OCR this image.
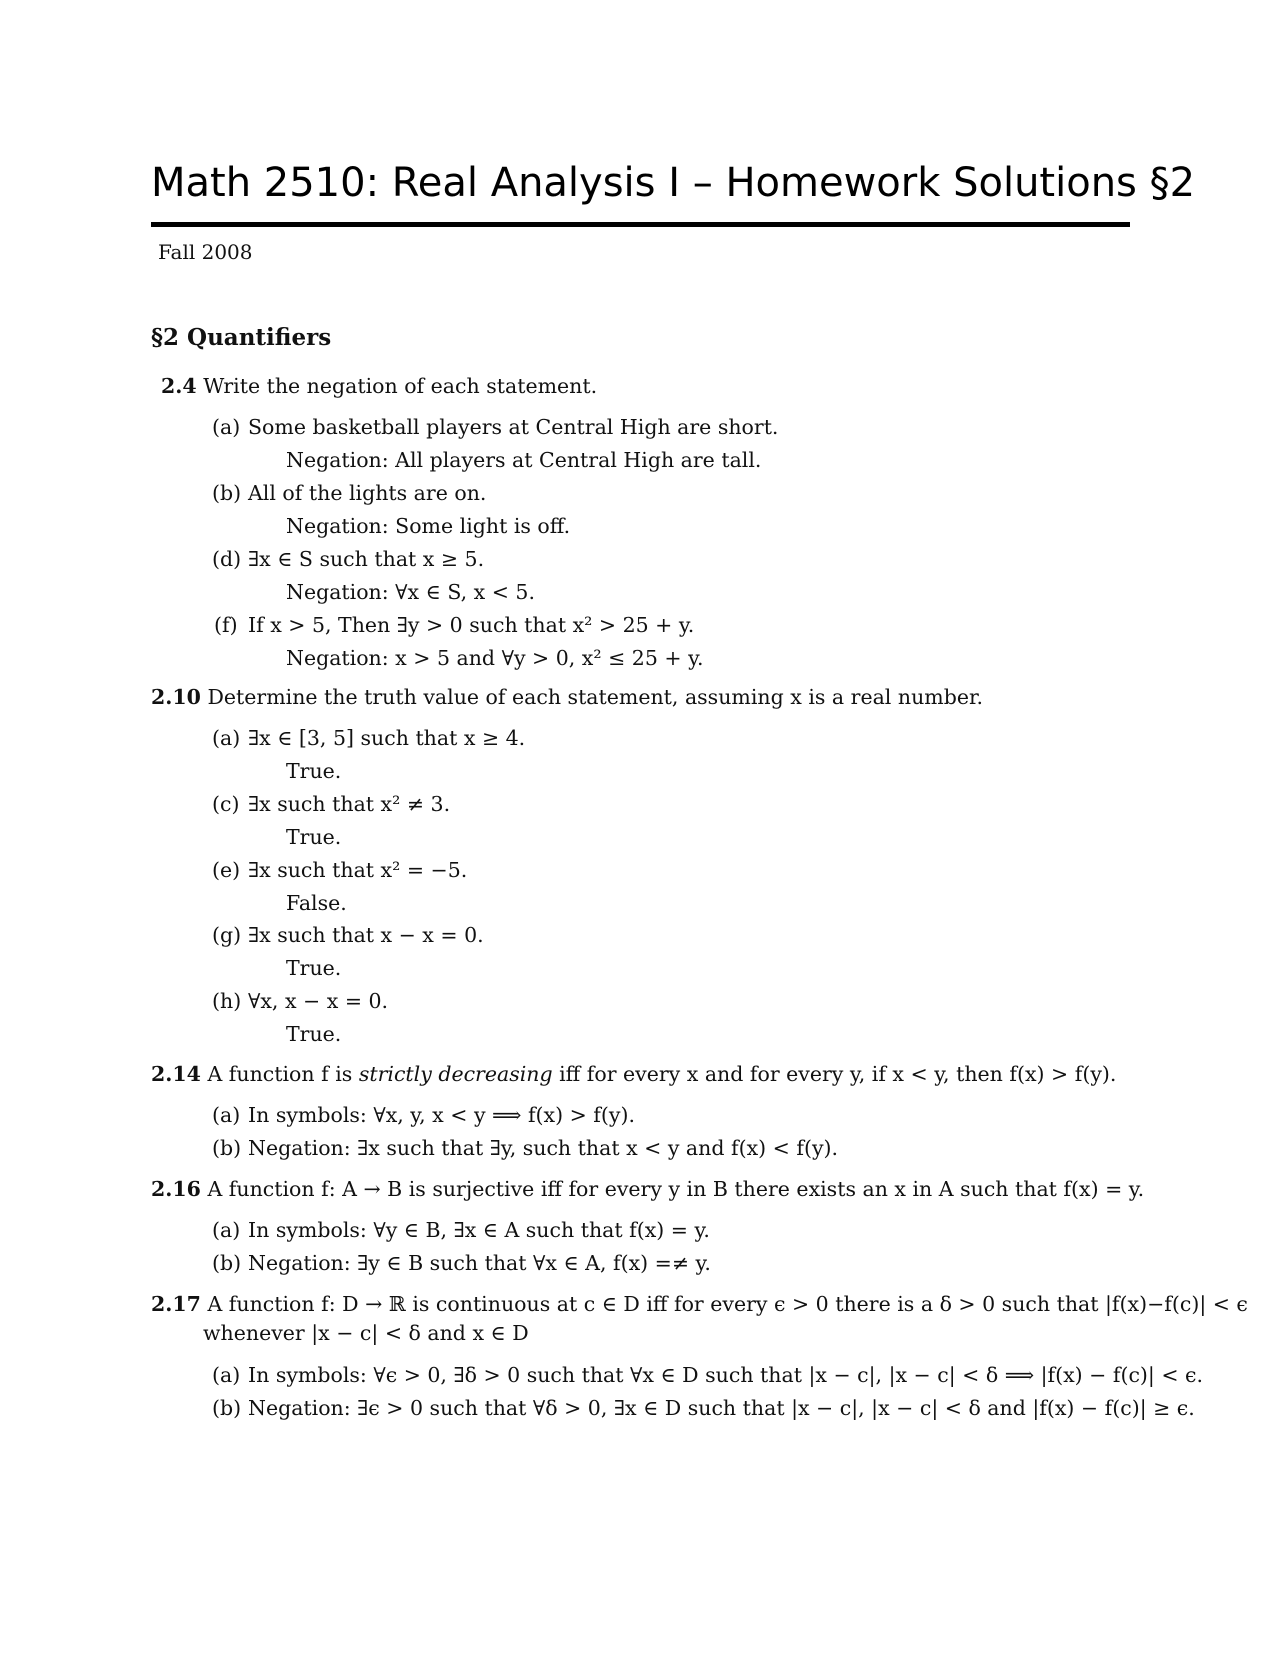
Math 2510: Real Analysis I – Homework Solutions §2
Fall 2008
§2 Quantifiers
2.4 Write the negation of each statement.
(a) Some basketball players at Central High are short.
Negation: All players at Central High are tall.
(b) All of the lights are on.
Negation: Some light is off.
(d) ∃x ∈ S such that x ≥ 5.
Negation: ∀x ∈ S, x < 5.
(f) If x > 5, Then ∃y > 0 such that x² > 25 + y.
Negation: x > 5 and ∀y > 0, x² ≤ 25 + y.
2.10 Determine the truth value of each statement, assuming x is a real number.
(a) ∃x ∈ [3, 5] such that x ≥ 4.
True.
(c) ∃x such that x² ≠ 3.
True.
(e) ∃x such that x² = −5.
False.
(g) ∃x such that x − x = 0.
True.
(h) ∀x, x − x = 0.
True.
2.14 A function f is strictly decreasing iff for every x and for every y, if x < y, then f(x) > f(y).
(a) In symbols: ∀x, y, x < y ⟹ f(x) > f(y).
(b) Negation: ∃x such that ∃y, such that x < y and f(x) < f(y).
2.16 A function f: A → B is surjective iff for every y in B there exists an x in A such that f(x) = y.
(a) In symbols: ∀y ∈ B, ∃x ∈ A such that f(x) = y.
(b) Negation: ∃y ∈ B such that ∀x ∈ A, f(x) =≠ y.
2.17 A function f: D → ℝ is continuous at c ∈ D iff for every ϵ > 0 there is a δ > 0 such that |f(x)−f(c)| < ϵ
whenever |x − c| < δ and x ∈ D
(a) In symbols: ∀ϵ > 0, ∃δ > 0 such that ∀x ∈ D such that |x − c|, |x − c| < δ ⟹ |f(x) − f(c)| < ϵ.
(b) Negation: ∃ϵ > 0 such that ∀δ > 0, ∃x ∈ D such that |x − c|, |x − c| < δ and |f(x) − f(c)| ≥ ϵ.
